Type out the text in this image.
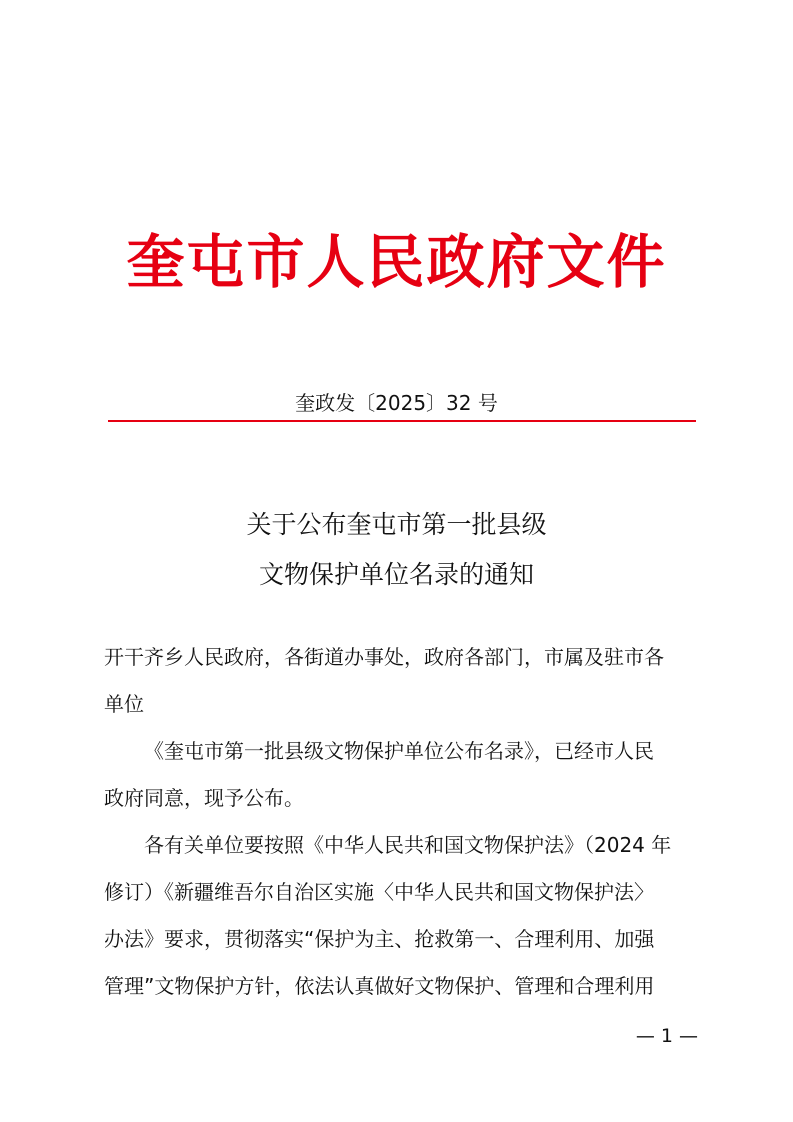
奎屯市人民政府文件
奎政发〔2025〕32 号
关于公布奎屯市第一批县级
文物保护单位名录的通知
开干齐乡人民政府，各街道办事处，政府各部门，市属及驻市各
单位
《奎屯市第一批县级文物保护单位公布名录》，已经市人民
政府同意，现予公布。
各有关单位要按照《中华人民共和国文物保护法》（2024 年
修订）《新疆维吾尔自治区实施〈中华人民共和国文物保护法〉
办法》要求，贯彻落实“保护为主、抢救第一、合理利用、加强
管理”文物保护方针，依法认真做好文物保护、管理和合理利用
— 1 —
